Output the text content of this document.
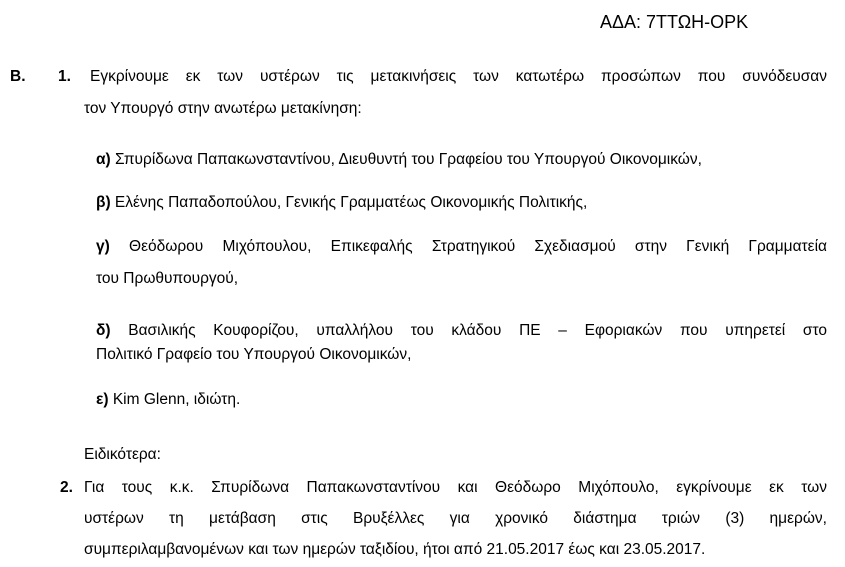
ΑΔΑ: 7ΤΤΩΗ-ΟΡΚ
Β. 1. Εγκρίνουμε εκ των υστέρων τις μετακινήσεις των κατωτέρω προσώπων που συνόδευσαν
τον Υπουργό στην ανωτέρω μετακίνηση:
α) Σπυρίδωνα Παπακωνσταντίνου, Διευθυντή του Γραφείου του Υπουργού Οικονομικών,
β) Ελένης Παπαδοπούλου, Γενικής Γραμματέως Οικονομικής Πολιτικής,
γ) Θεόδωρου Μιχόπουλου, Επικεφαλής Στρατηγικού Σχεδιασμού στην Γενική Γραμματεία
του Πρωθυπουργού,
δ) Βασιλικής Κουφορίζου, υπαλλήλου του κλάδου ΠΕ – Εφοριακών που υπηρετεί στο
Πολιτικό Γραφείο του Υπουργού Οικονομικών,
ε) Kim Glenn, ιδιώτη.
Ειδικότερα:
2. Για τους κ.κ. Σπυρίδωνα Παπακωνσταντίνου και Θεόδωρο Μιχόπουλο, εγκρίνουμε εκ των
υστέρων τη μετάβαση στις Βρυξέλλες για χρονικό διάστημα τριών (3) ημερών,
συμπεριλαμβανομένων και των ημερών ταξιδίου, ήτοι από 21.05.2017 έως και 23.05.2017.
